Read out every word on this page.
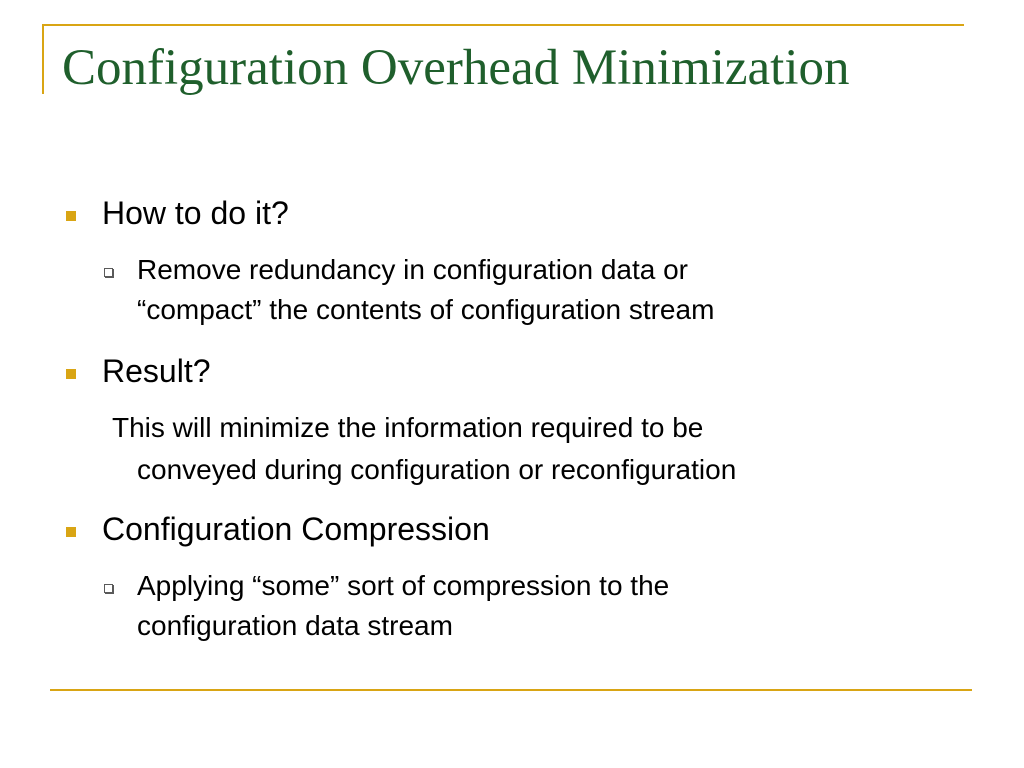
Configuration Overhead Minimization
How to do it?
Remove redundancy in configuration data or
“compact” the contents of configuration stream
Result?
This will minimize the information required to be
conveyed during configuration or reconfiguration
Configuration Compression
Applying “some” sort of compression to the
configuration data stream
